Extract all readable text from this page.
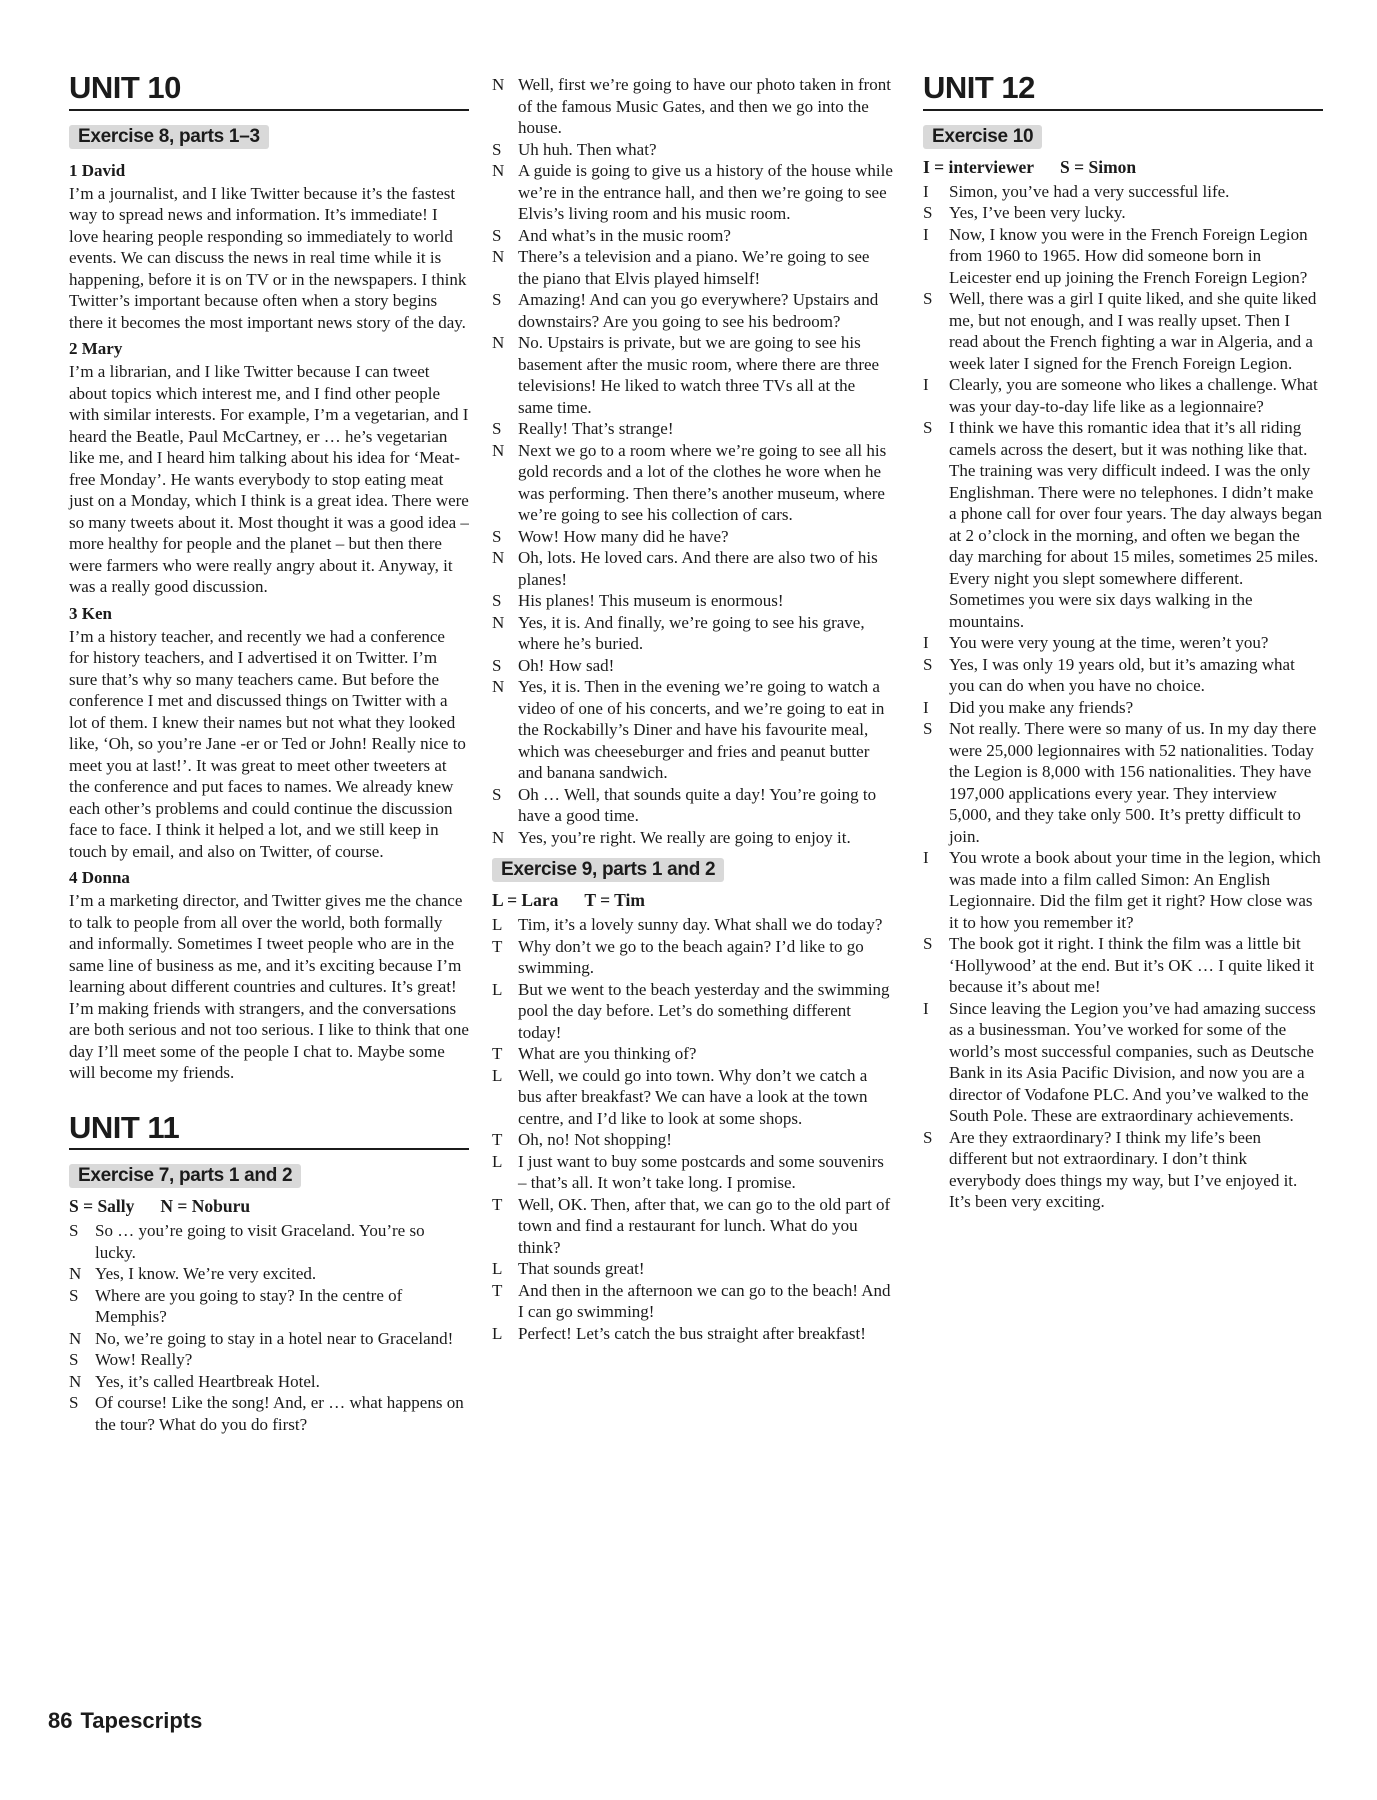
UNIT 10
Exercise 8, parts 1–3
1 David

I’m a journalist, and I like Twitter because it’s the fastest way to spread news and information. It’s immediate! I love hearing people responding so immediately to world events. We can discuss the news in real time while it is happening, before it is on TV or in the newspapers. I think Twitter’s important because often when a story begins there it becomes the most important news story of the day.

2 Mary

I’m a librarian, and I like Twitter because I can tweet about topics which interest me, and I find other people with similar interests. For example, I’m a vegetarian, and I heard the Beatle, Paul McCartney, er … he’s vegetarian like me, and I heard him talking about his idea for ‘Meat-free Monday’. He wants everybody to stop eating meat just on a Monday, which I think is a great idea. There were so many tweets about it. Most thought it was a good idea – more healthy for people and the planet – but then there were farmers who were really angry about it. Anyway, it was a really good discussion.

3 Ken

I’m a history teacher, and recently we had a conference for history teachers, and I advertised it on Twitter. I’m sure that’s why so many teachers came. But before the conference I met and discussed things on Twitter with a lot of them. I knew their names but not what they looked like, ‘Oh, so you’re Jane -er or Ted or John! Really nice to meet you at last!’. It was great to meet other tweeters at the conference and put faces to names. We already knew each other’s problems and could continue the discussion face to face. I think it helped a lot, and we still keep in touch by email, and also on Twitter, of course.

4 Donna

I’m a marketing director, and Twitter gives me the chance to talk to people from all over the world, both formally and informally. Sometimes I tweet people who are in the same line of business as me, and it’s exciting because I’m learning about different countries and cultures. It’s great! I’m making friends with strangers, and the conversations are both serious and not too serious. I like to think that one day I’ll meet some of the people I chat to. Maybe some will become my friends.

UNIT 11
Exercise 7, parts 1 and 2
S = Sally N = Noburu
S So … you’re going to visit Graceland. You’re so lucky.
N Yes, I know. We’re very excited.
S Where are you going to stay? In the centre of Memphis?
N No, we’re going to stay in a hotel near to Graceland!
S Wow! Really?
N Yes, it’s called Heartbreak Hotel.
S Of course! Like the song! And, er … what happens on the tour? What do you do first?
N Well, first we’re going to have our photo taken in front of the famous Music Gates, and then we go into the house.
S Uh huh. Then what?
N A guide is going to give us a history of the house while we’re in the entrance hall, and then we’re going to see Elvis’s living room and his music room.
S And what’s in the music room?
N There’s a television and a piano. We’re going to see the piano that Elvis played himself!
S Amazing! And can you go everywhere? Upstairs and downstairs? Are you going to see his bedroom?
N No. Upstairs is private, but we are going to see his basement after the music room, where there are three televisions! He liked to watch three TVs all at the same time.
S Really! That’s strange!
N Next we go to a room where we’re going to see all his gold records and a lot of the clothes he wore when he was performing. Then there’s another museum, where we’re going to see his collection of cars.
S Wow! How many did he have?
N Oh, lots. He loved cars. And there are also two of his planes!
S His planes! This museum is enormous!
N Yes, it is. And finally, we’re going to see his grave, where he’s buried.
S Oh! How sad!
N Yes, it is. Then in the evening we’re going to watch a video of one of his concerts, and we’re going to eat in the Rockabilly’s Diner and have his favourite meal, which was cheeseburger and fries and peanut butter and banana sandwich.
S Oh … Well, that sounds quite a day! You’re going to have a good time.
N Yes, you’re right. We really are going to enjoy it.
Exercise 9, parts 1 and 2
L = Lara T = Tim
L Tim, it’s a lovely sunny day. What shall we do today?
T Why don’t we go to the beach again? I’d like to go swimming.
L But we went to the beach yesterday and the swimming pool the day before. Let’s do something different today!
T What are you thinking of?
L Well, we could go into town. Why don’t we catch a bus after breakfast? We can have a look at the town centre, and I’d like to look at some shops.
T Oh, no! Not shopping!
L I just want to buy some postcards and some souvenirs – that’s all. It won’t take long. I promise.
T Well, OK. Then, after that, we can go to the old part of town and find a restaurant for lunch. What do you think?
L That sounds great!
T And then in the afternoon we can go to the beach! And I can go swimming!
L Perfect! Let’s catch the bus straight after breakfast!
UNIT 12
Exercise 10
I = interviewer S = Simon
I	Simon, you’ve had a very successful life.
S Yes, I’ve been very lucky.
I	Now, I know you were in the French Foreign Legion from 1960 to 1965. How did someone born in Leicester end up joining the French Foreign Legion?
S Well, there was a girl I quite liked, and she quite liked me, but not enough, and I was really upset. Then I read about the French fighting a war in Algeria, and a week later I signed for the French Foreign Legion.
I	Clearly, you are someone who likes a challenge. What was your day-to-day life like as a legionnaire?
S I think we have this romantic idea that it’s all riding camels across the desert, but it was nothing like that. The training was very difficult indeed. I was the only Englishman. There were no telephones. I didn’t make a phone call for over four years. The day always began at 2 o’clock in the morning, and often we began the day marching for about 15 miles, sometimes 25 miles. Every night you slept somewhere different. Sometimes you were six days walking in the mountains.
I	You were very young at the time, weren’t you?
S Yes, I was only 19 years old, but it’s amazing what you can do when you have no choice.
I	Did you make any friends?
S Not really. There were so many of us. In my day there were 25,000 legionnaires with 52 nationalities. Today the Legion is 8,000 with 156 nationalities. They have 197,000 applications every year. They interview 5,000, and they take only 500. It’s pretty difficult to join.
I	You wrote a book about your time in the legion, which was made into a film called Simon: An English Legionnaire. Did the film get it right? How close was it to how you remember it?
S The book got it right. I think the film was a little bit ‘Hollywood’ at the end. But it’s OK … I quite liked it because it’s about me!
I	Since leaving the Legion you’ve had amazing success as a businessman. You’ve worked for some of the world’s most successful companies, such as Deutsche Bank in its Asia Pacific Division, and now you are a director of Vodafone PLC. And you’ve walked to the South Pole. These are extraordinary achievements.
S Are they extraordinary? I think my life’s been different but not extraordinary. I don’t think everybody does things my way, but I’ve enjoyed it. It’s been very exciting.
86 Tapescripts
